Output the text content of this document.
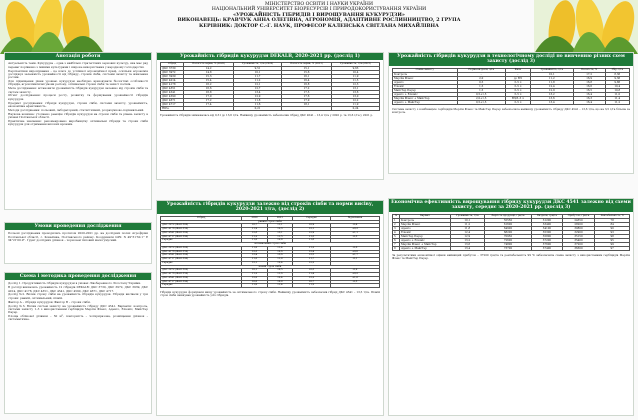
МІНІСТЕРСТВО ОСВІТИ І НАУКИ УКРАЇНИ
НАЦІОНАЛЬНИЙ УНІВЕРСИТЕТ БІОРЕСУРСІВ І ПРИРОДОКОРИСТУВАННЯ УКРАЇНИ
«УРОЖАЙНІСТЬ ГІБРИДІВ І ВИРОЩУВАННЯ КУКУРУДЗИ»
ВИКОНАВЕЦЬ: КРАВЧУК АННА ОЛЕГІВНА, АГРОНОМІЯ, АДАПТИВНЕ РОСЛИННИЦТВО, 2 ГРУПА
КЕРІВНИК: ДОКТОР С.-Г. НАУК, ПРОФЕСОР КАЛЕНСЬКА СВІТЛАНА МИХАЙЛІВНА
Анотація роботи

Актуальність теми. Кукурудза – одна з найбільш стратегічних зернових культур, яка має ряд переваг порівняно з іншими культурами і широке використання у народному господарстві.

Перспективи вирощування – це ключ до успішної агрономічної праці, оскільки агрономія досліджує залежність урожайності від гібриду, строків сівби, системи захисту та живлення рослин.

Для підвищення рівня урожаю кукурудзи необхідно враховувати біологічні особливості гібридів, агрокліматичні умови регіону, оптимальні строки сівби та захист посівів.

Мета дослідження: встановити урожайність гібридів кукурудзи залежно від строків сівби та систем захисту.

Об'єкт дослідження: процеси росту, розвитку та формування урожайності гібридів кукурудзи.

Предмет дослідження: гібриди кукурудзи, строки сівби, системи захисту, урожайність, економічна ефективність.

Методи дослідження: польовий, лабораторний, статистичний, розрахунково-порівняльний.

Наукова новизна: уточнено реакцію гібридів кукурудзи на строки сівби та рівень захисту в умовах Полтавської області.

Практичне значення: рекомендовано виробництву оптимальні гібриди та строки сівби кукурудзи для отримання високих врожаїв.

Умови проведення дослідження
Польові дослідження проводились протягом 2020-2021 рр. на дослідних полях Агрофірми Полтавської області, с. Ковалівка, Полтавського району. Координати GPS: N 49°31'30.1'' E 34°21'00.9''. Ґрунт дослідних ділянок – чорнозем типовий малогумусний.
Схема і методика проведення дослідження

Дослід 1. Продуктивність гібридів кукурудзи в умовах Лівобережного Лісостепу України.

В досліді вивчались урожайність 12 гібридів DEKALB: ДКС 3730, ДКС 3972, ДКС 3939, ДКС 4014, ДКС 4178, ДКС 4351, ДКС 4541, ДКС 4590, ДКС 4671, ДКС 4717.

Дослід №2. Вплив строку сівби на урожайність гібридів кукурудзи. Гібриди висівали у три строки: ранній, оптимальний, пізній.

Фактор А – гібриди кукурудзи; Фактор В – строки сівби.

Дослід №3. Вплив систем захисту на урожайність гібриду ДКС 4541. Варіанти: контроль, системи захисту 1–3 з використанням гербіцидів Мерлін Флекс, Аденго, Елюміс, МайсТер Пауер.

Площа облікової ділянки – 50 м², повторність – чотириразова, розміщення ділянок – систематичне.

Урожайність гібридів кукурудзи DEKALB, 2020-2021 рр. (дослід 1)
Гібрид	Вологість зерна, % (2020)	Урожайність, т/га (2020)	Вологість зерна, % (2021)	Урожайність, т/га (2021)
ДКС 3730	14,2	9,51	15,1	9,63
ДКС 3972	14,8	10,1	15,6	10,4
ДКС 3939	15,3	11,7	16,1	11,9
ДКС 4014	15,4	11,2	16,4	11,5
ДКС 4178	16,2	12,1	16,8	12,3
ДКС 4351	16,6	12,7	17,2	13,1
ДКС 4541	16,8	13,4	17,5	13,6
ДКС 4590	17,0	12,9	17,6	13,0
ДКС 4671	17,2	11,8	17,9	12,2
ДКС 4717	17,4	11,6	18,1	11,9
НІР₀₅		0,21		0,24
Урожайність гібридів змінювалась від 9,51 до 13,6 т/га. Найвищу урожайність забезпечив гібрид ДКС 4541 – 13,4 т/га у 2020 р. та 13,6 т/га у 2021 р.
Урожайність гібридів кукурудзи залежно від строків сівби та норми висіву, 2020-2021 т/га, (дослід 2)
Гібрид	2020	2021	Середнє	Відхилення
ранній строк сівби				
ДКС 3972 (ФАО 300)	10,7	11,1	10,9	-0,4
ДКС 4178 (ФАО 350)	11,9	12,3	12,1	+0,3
ДКС 4541 (ФАО 360)	12,8	13,1	12,9	+1,1
ДКС 4717 (ФАО 390)	11,2	11,5	11,3	-0,5
Середнє	11,6	12,0	11,8	
оптимальний строк сівби				
ДКС 3972 (ФАО 300)	11,0	11,4	11,2	-0,6
ДКС 4178 (ФАО 350)	12,3	12,6	12,4	+0,6
ДКС 4541 (ФАО 360)	13,4	13,6	13,5	+1,7
ДКС 4717 (ФАО 390)	11,6	11,9	11,7	-0,1
Середнє	12,1	12,4	12,2	
пізній строк сівби				
ДКС 3972 (ФАО 300)	10,1	10,5	10,3	-0,9
ДКС 4178 (ФАО 350)	11,2	11,6	11,4	+0,2
ДКС 4541 (ФАО 360)	12,0	12,4	12,2	+1,0
ДКС 4717 (ФАО 390)	10,6	10,9	10,7	-0,5
Середнє	11,0	11,4	11,2	
Гібриди кукурудзи формували вищу урожайність за оптимального строку сівби. Найвищу урожайність забезпечив гібрид ДКС 4541 – 13,5 т/га. Пізній строк сівби знижував урожайність усіх гібридів.
Урожайність гібридів кукурудзи в технологічному досліді по вивченню різних схем захисту (дослід 3)
Схема захисту	Норма витрати, л/га	Фаза	Урожайність, т/га	Вологість, %	Збір, т/га
Контроль	–	–	10,1	17,2	8,36
Мерлін Флекс	2,0	до ВЧ	11,2	16,9	9,36
Аденго	0,5	3–5 л	11,8	16,8	9,86
Елюміс	1,5	3–5 л	12,4	16,6	10,4
МайсТер Пауер	1,5	3–5 л	12,9	16,5	10,8
Аденго + Елюміс	0,5+1,5	3–5 л	13,2	16,4	11,0
Мерлін Флекс + МайсТер	2,0+1,5	ВЧ/3–5 л	13,6	16,3	11,4
Аденго + МайсТер	0,5+1,5	3–5 л	13,4	16,4	11,2
Система захисту з комбінацією гербіцидів Мерлін Флекс та МайсТер Пауер забезпечила найвищу урожайність гібриду ДКС 4541 – 13,6 т/га, що на 3,5 т/га більше за контроль.
Економічна ефективність вирощування гібриду кукурудзи ДКС 4541 залежно від схеми захисту, середнє за 2020-2021 рр. (дослід 3)
№	Варіант	Урожайність, т/га	Вартість продукції, грн/га	Витрати, грн/га	Прибуток, грн/га	Рентабельність, %
1	Контроль	10,1	55550	31200	24350	78
2	Мерлін Флекс	11,2	61600	33400	28200	84
3	Аденго	11,8	64900	34100	30800	90
4	Елюміс	12,4	68200	35300	32900	93
5	МайсТер Пауер	12,9	70950	35800	35150	98
6	Аденго + Елюміс	13,2	72600	37200	35400	95
7	Мерлін Флекс + МайсТер	13,6	74800	37600	37200	99
8	Аденго + МайсТер	13,4	73700	37400	36300	97
За результатами економічної оцінки найвищий прибуток – 37200 грн/га та рентабельність 99 % забезпечила схема захисту з використанням гербіцидів Мерлін Флекс та МайсТер Пауер.
